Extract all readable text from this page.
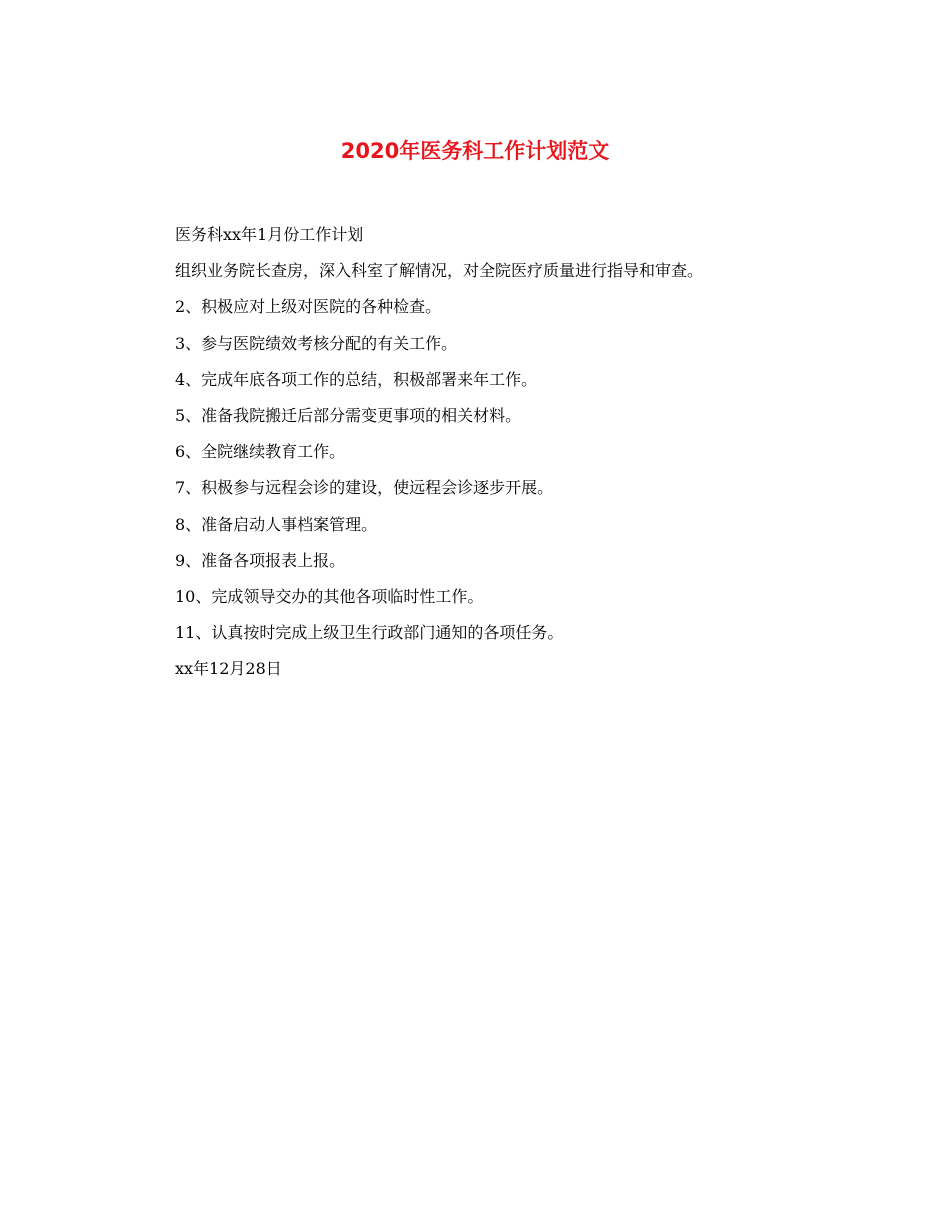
2020年医务科工作计划范文
医务科xx年1月份工作计划
组织业务院长查房，深入科室了解情况，对全院医疗质量进行指导和审查。
2、积极应对上级对医院的各种检查。
3、参与医院绩效考核分配的有关工作。
4、完成年底各项工作的总结，积极部署来年工作。
5、准备我院搬迁后部分需变更事项的相关材料。
6、全院继续教育工作。
7、积极参与远程会诊的建设，使远程会诊逐步开展。
8、准备启动人事档案管理。
9、准备各项报表上报。
10、完成领导交办的其他各项临时性工作。
11、认真按时完成上级卫生行政部门通知的各项任务。
xx年12月28日
